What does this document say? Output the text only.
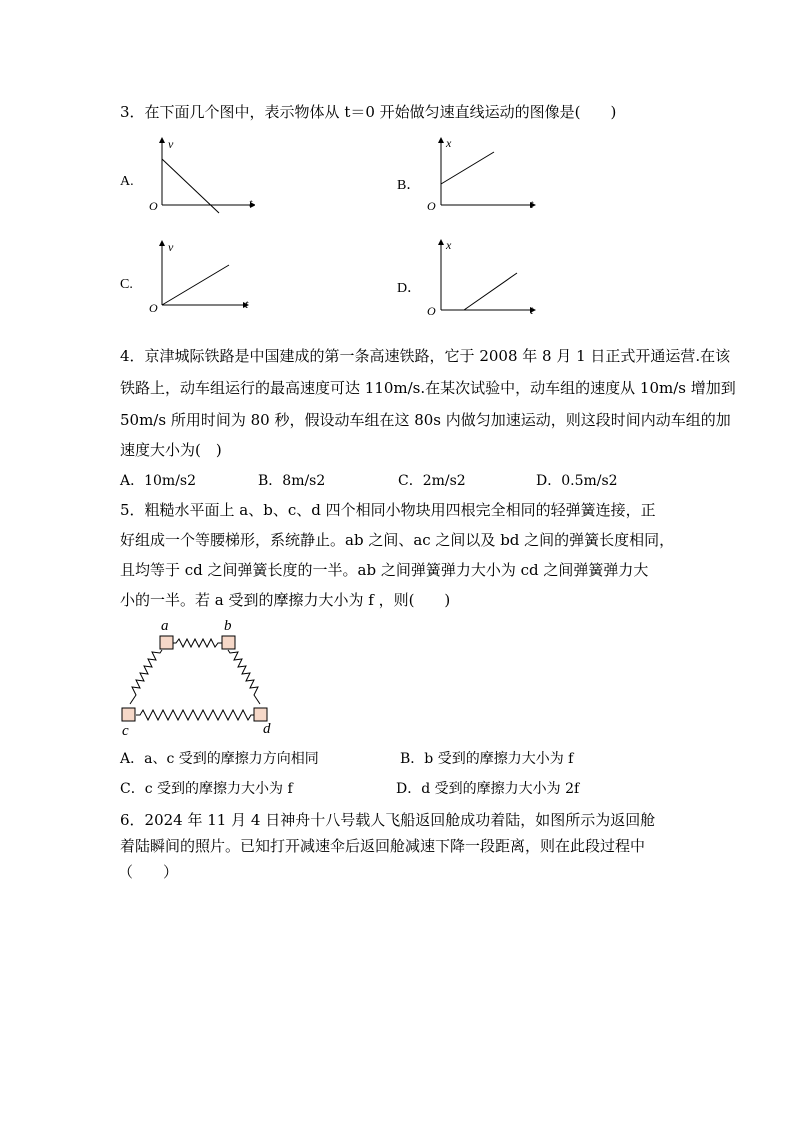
3．在下面几个图中，表示物体从 t＝0 开始做匀速直线运动的图像是(　　)
A.
v
t
O
B．
x
t
O
C.
v
t
O
D．
x
t
O
4．京津城际铁路是中国建成的第一条高速铁路，它于 2008 年 8 月 1 日正式开通运营.在该
铁路上，动车组运行的最高速度可达 110m/s.在某次试验中，动车组的速度从 10m/s 增加到
50m/s 所用时间为 80 秒，假设动车组在这 80s 内做匀加速运动，则这段时间内动车组的加
速度大小为(　)
A．10m/s2	B．8m/s2	C．2m/s2	D．0.5m/s2
5．粗糙水平面上 a、b、c、d 四个相同小物块用四根完全相同的轻弹簧连接，正
好组成一个等腰梯形，系统静止。ab 之间、ac 之间以及 bd 之间的弹簧长度相同，
且均等于 cd 之间弹簧长度的一半。ab 之间弹簧弹力大小为 cd 之间弹簧弹力大
小的一半。若 a 受到的摩擦力大小为 f ，则(　　)
a	b
c	d
A．a、c 受到的摩擦力方向相同	B．b 受到的摩擦力大小为 f
C．c 受到的摩擦力大小为 f	D．d 受到的摩擦力大小为 2f
6．2024 年 11 月 4 日神舟十八号载人飞船返回舱成功着陆，如图所示为返回舱
着陆瞬间的照片。已知打开减速伞后返回舱减速下降一段距离，则在此段过程中
（　　）
